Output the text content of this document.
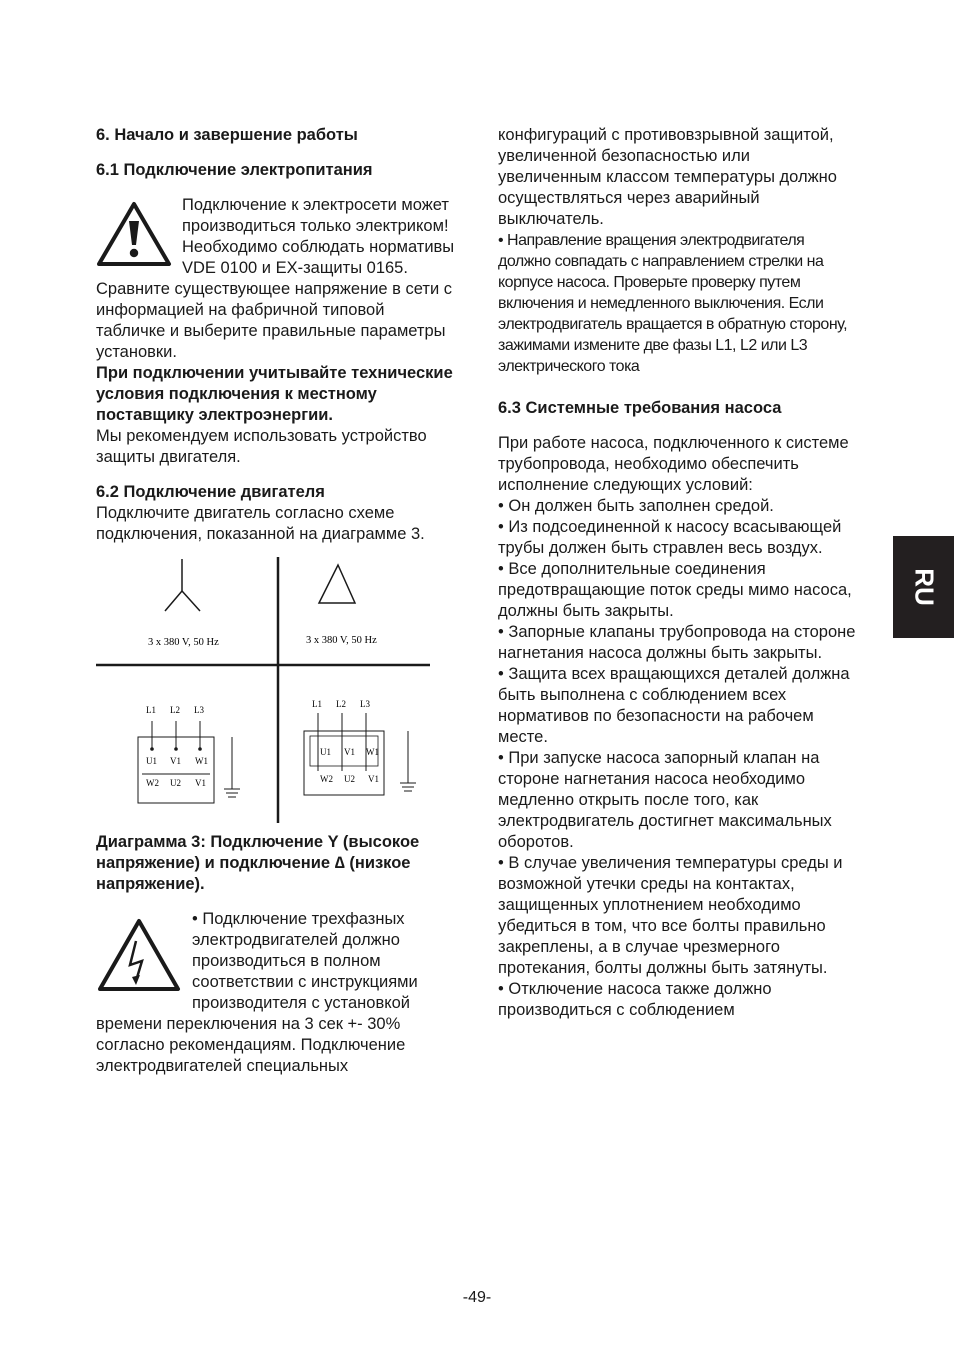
6. Начало и завершение работы

6.1 Подключение электропитания

Подключение к электросети может производиться только электриком! Необходимо соблюдать нормативы VDE 0100 и EX-защиты 0165.

Сравните существующее напряжение в сети с информацией на фабричной типовой табличке и выберите правильные параметры установки.

При подключении учитывайте технические условия подключения к местному поставщику электроэнергии.

Мы рекомендуем использовать устройство защиты двигателя.

6.2 Подключение двигателя

Подключите двигатель согласно схеме подключения, показанной на диаграмме 3.

3 x 380 V, 50 Hz	3 x 380 V, 50 Hz
L1 L2 L3
U1 V1 W1
W2 U2 V1
L1 L2 L3
U1 V1 W1
W2 U2 V1

Диаграмма 3: Подключение Y (высокое напряжение) и подключение ∆ (низкое напряжение).

• Подключение трехфазных электродвигателей должно производиться в полном соответствии с инструкциями производителя с установкой времени переключения на 3 сек +- 30% согласно рекомендациям. Подключение электродвигателей специальных

конфигураций с противовзрывной защитой, увеличенной безопасностью или увеличенным классом температуры должно осуществляться через аварийный выключатель.

• Направление вращения электродвигателя должно совпадать с направлением стрелки на корпусе насоса. Проверьте проверку путем включения и немедленного выключения. Если электродвигатель вращается в обратную сторону, зажимами измените две фазы L1, L2 или L3 электрического тока

6.3 Системные требования насоса

При работе насоса, подключенного к системе трубопровода, необходимо обеспечить исполнение следующих условий:

• Он должен быть заполнен средой.

• Из подсоединенной к насосу всасывающей трубы должен быть стравлен весь воздух.

• Все дополнительные соединения предотвращающие поток среды мимо насоса, должны быть закрыты.

• Запорные клапаны трубопровода на стороне нагнетания насоса должны быть закрыты.

• Защита всех вращающихся деталей должна быть выполнена с соблюдением всех нормативов по безопасности на рабочем месте.

• При запуске насоса запорный клапан на стороне нагнетания насоса необходимо медленно открыть после того, как электродвигатель достигнет максимальных оборотов.

• В случае увеличения температуры среды и возможной утечки среды на контактах, защищенных уплотнением необходимо убедиться в том, что все болты правильно закреплены, а в случае чрезмерного протекания, болты должны быть затянуты.

• Отключение насоса также должно производиться с соблюдением

RU
-49-
